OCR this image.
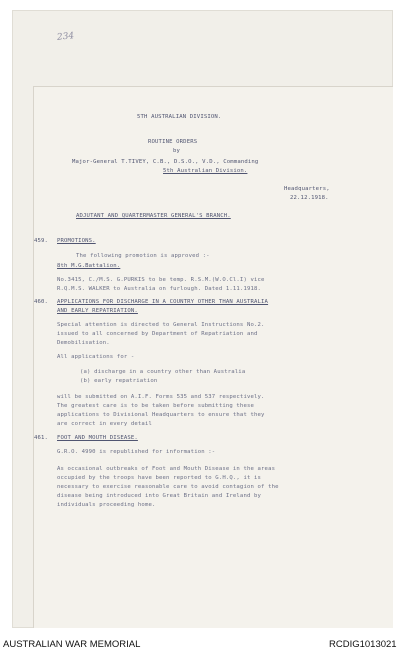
234
5TH AUSTRALIAN DIVISION.
ROUTINE ORDERS
by
Major-General T.TIVEY, C.B., D.S.O., V.D., Commanding
5th Australian Division.
Headquarters,
22.12.1918.
ADJUTANT AND QUARTERMASTER GENERAL'S BRANCH.
459. PROMOTIONS.
The following promotion is approved :-
8th M.G.Battalion.
No.3415, C./M.S. G.PURKIS to be temp. R.S.M.(W.O.Cl.I) vice
R.Q.M.S. WALKER to Australia on furlough. Dated 1.11.1918.
460. APPLICATIONS FOR DISCHARGE IN A COUNTRY OTHER THAN AUSTRALIA
AND EARLY REPATRIATION.
Special attention is directed to General Instructions No.2.
issued to all concerned by Department of Repatriation and
Demobilisation.
All applications for -
(a) discharge in a country other than Australia
(b) early repatriation
will be submitted on A.I.F. Forms 535 and 537 respectively.
The greatest care is to be taken before submitting these
applications to Divisional Headquarters to ensure that they
are correct in every detail
461. FOOT AND MOUTH DISEASE.
G.R.O. 4990 is republished for information :-
As occasional outbreaks of Foot and Mouth Disease in the areas
occupied by the troops have been reported to G.H.Q., it is
necessary to exercise reasonable care to avoid contagion of the
disease being introduced into Great Britain and Ireland by
individuals proceeding home.
AUSTRALIAN WAR MEMORIAL	RCDIG1013021
